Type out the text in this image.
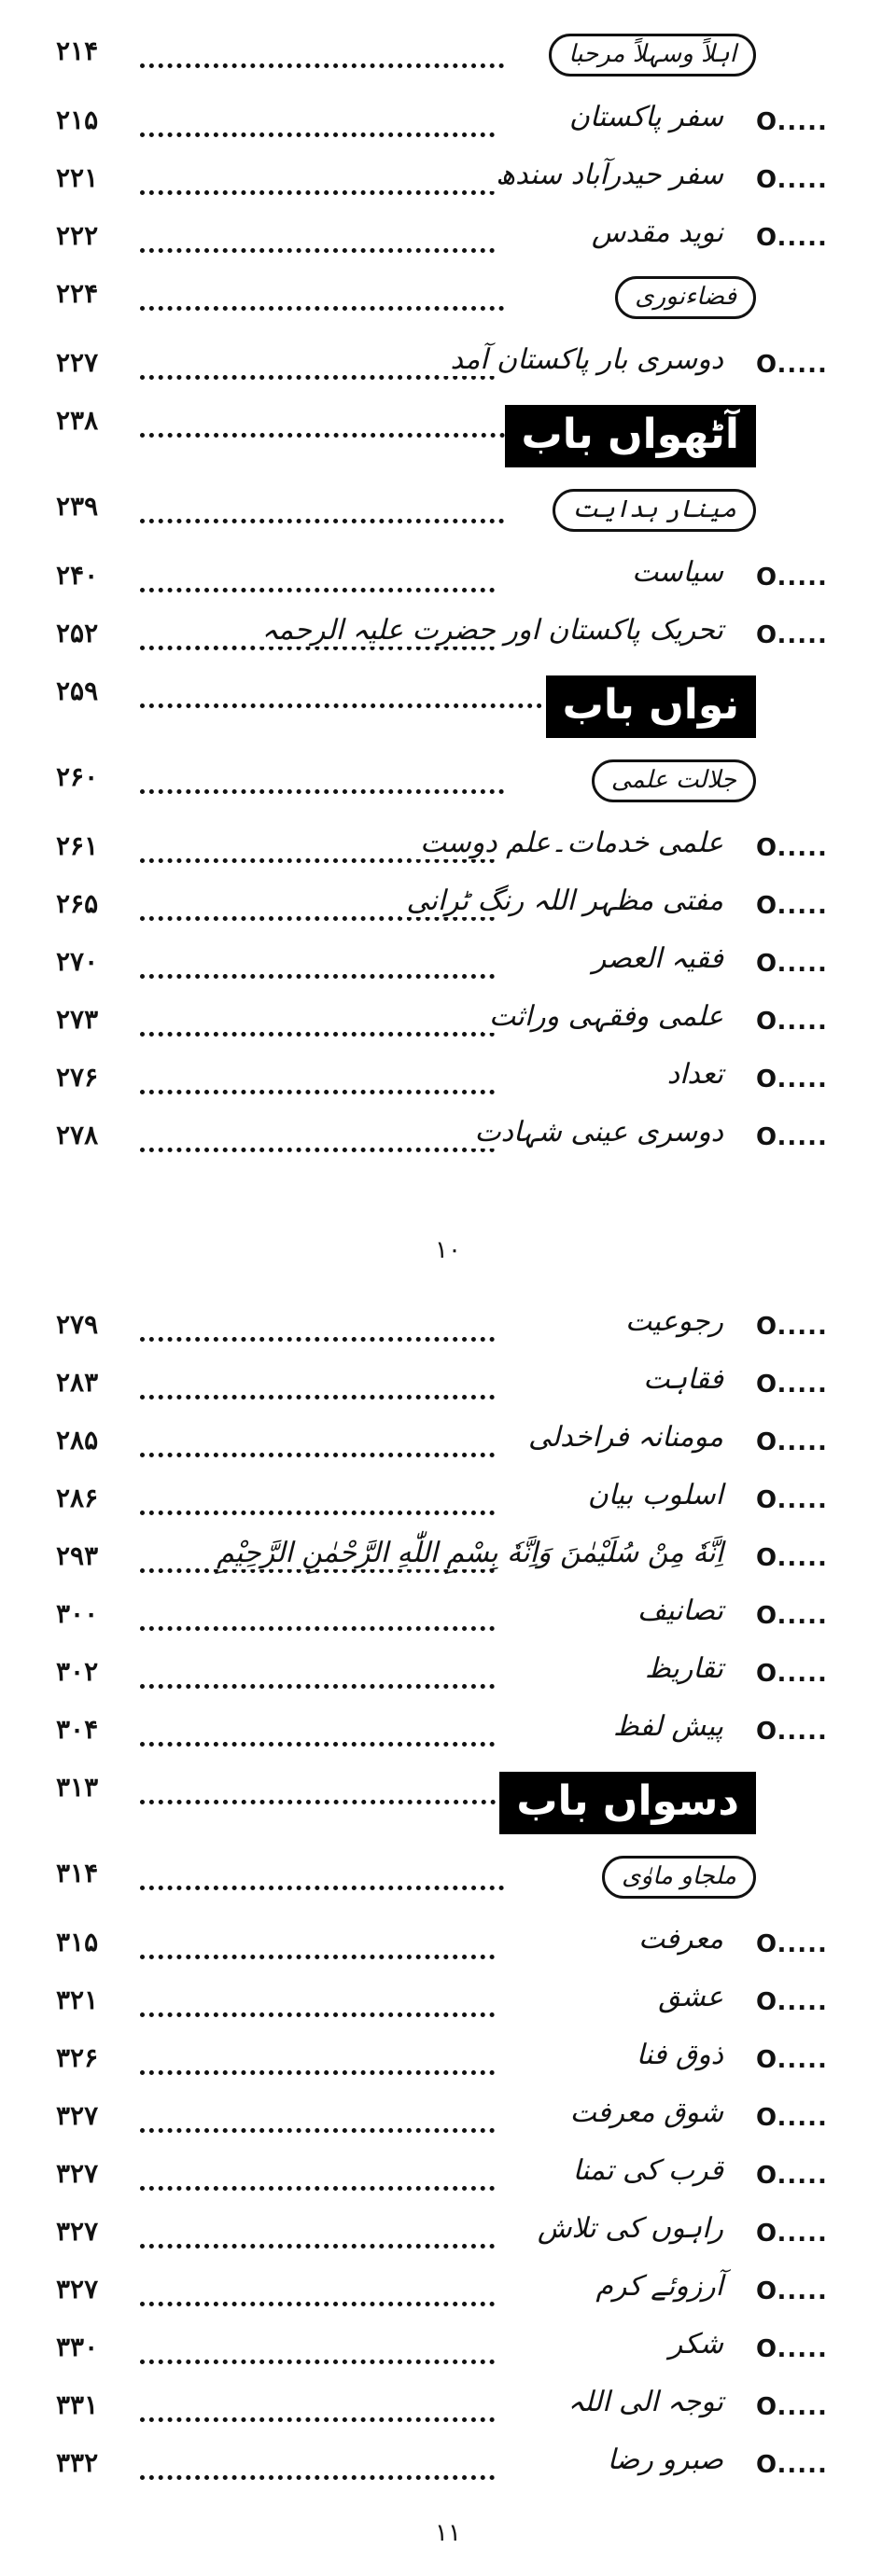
۲۱۴	اہلاً وسہلاً مرحبا
۲۱۵	سفر پاکستان O.....
۲۲۱	سفر حیدرآباد سندھ O.....
۲۲۲	نوید مقدس O.....
۲۲۴	فضاءنوری
۲۲۷	دوسری بار پاکستان آمد O.....
۲۳۸	آٹھواں باب
۲۳۹	مینار ہدایت
۲۴۰	سیاست O.....
۲۵۲	تحریک پاکستان اور حضرت علیہ الرحمہ O.....
۲۵۹	نواں باب
۲۶۰	جلالت علمی
۲۶۱	علمی خدمات۔علم دوست O.....
۲۶۵	مفتی مظہر اللہ رنگ ٹرانی O.....
۲۷۰	فقیہ العصر O.....
۲۷۳	علمی وفقہی وراثت O.....
۲۷۶	تعداد O.....
۲۷۸	دوسری عینی شہادت O.....
۱۰
۲۷۹	رجوعیت O.....
۲۸۳	فقاہت O.....
۲۸۵	مومنانہ فراخدلی O.....
۲۸۶	اسلوب بیان O.....
۲۹۳	اِنَّهٗ مِنْ سُلَیْمٰنَ وَاِنَّهٗ بِسْمِ اللّٰهِ الرَّحْمٰنِ الرَّحِیْمِ O.....
۳۰۰	تصانیف O.....
۳۰۲	تقاریظ O.....
۳۰۴	پیش لفظ O.....
۳۱۳	دسواں باب
۳۱۴	ملجاو ماوٰی
۳۱۵	معرفت O.....
۳۲۱	عشق O.....
۳۲۶	ذوق فنا O.....
۳۲۷	شوق معرفت O.....
۳۲۷	قرب کی تمنا O.....
۳۲۷	راہوں کی تلاش O.....
۳۲۷	آرزوئے کرم O.....
۳۳۰	شکر O.....
۳۳۱	توجہ الی اللہ O.....
۳۳۲	صبرو رضا O.....
۱۱
